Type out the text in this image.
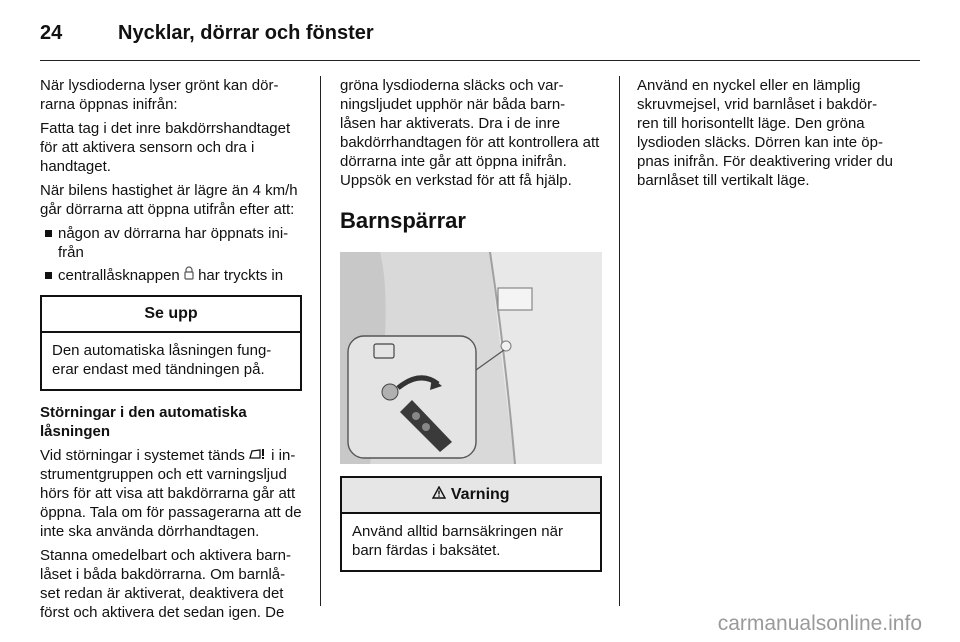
24	Nycklar, dörrar och fönster

När lysdioderna lyser grönt kan dör- rarna öppnas inifrån:

Fatta tag i det inre bakdörrshandtaget för att aktivera sensorn och dra i handtaget.

När bilens hastighet är lägre än 4 km/h går dörrarna att öppna utifrån efter att:

någon av dörrarna har öppnats ini- från
centrallåsknappen  har tryckts in
Se upp
Den automatiska låsningen fung- erar endast med tändningen på.

Störningar i den automatiska låsningen

Vid störningar i systemet tänds  i in- strumentgruppen och ett varningsljud hörs för att visa att bakdörrarna går att öppna. Tala om för passagerarna att de inte ska använda dörrhandtagen.

Stanna omedelbart och aktivera barn- låset i båda bakdörrarna. Om barnlå- set redan är aktiverat, deaktivera det först och aktivera det sedan igen. De

gröna lysdioderna släcks och var- ningsljudet upphör när båda barn- låsen har aktiverats. Dra i de inre bakdörrhandtagen för att kontrollera att dörrarna inte går att öppna inifrån. Uppsök en verkstad för att få hjälp.

Barnspärrar
Varning
Använd alltid barnsäkringen när barn färdas i baksätet.

Använd en nyckel eller en lämplig skruvmejsel, vrid barnlåset i bakdör- ren till horisontellt läge. Den gröna lysdioden släcks. Dörren kan inte öp- pnas inifrån. För deaktivering vrider du barnlåset till vertikalt läge.

carmanualsonline.info
